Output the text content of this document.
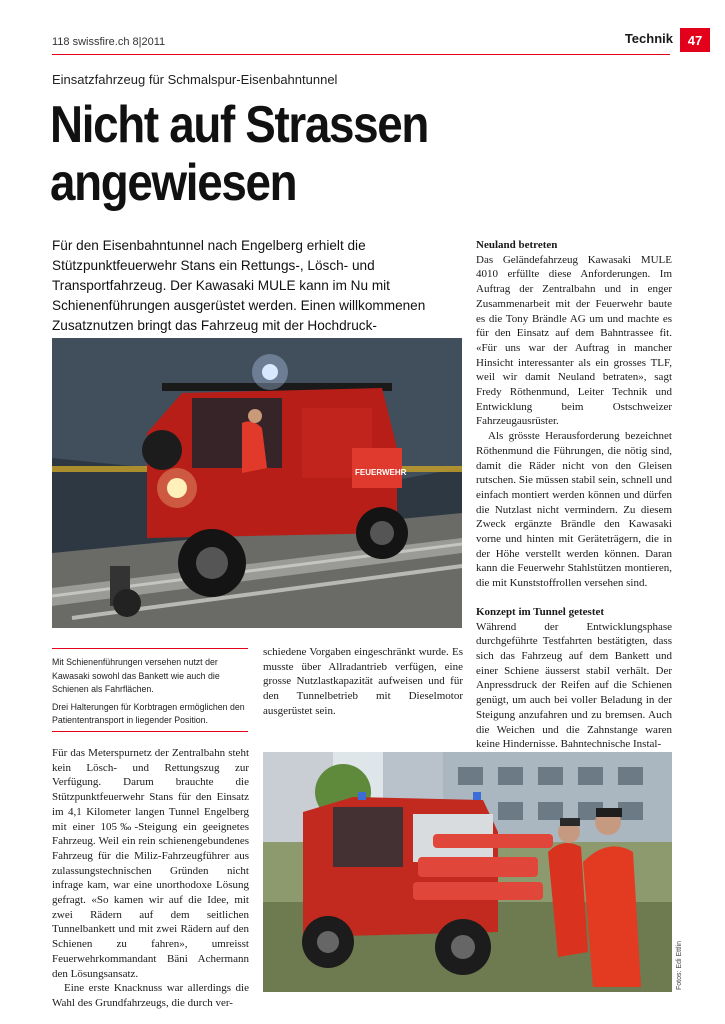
118 swissfire.ch 8|2011	Technik	47
Einsatzfahrzeug für Schmalspur-Eisenbahntunnel
Nicht auf Strassen
angewiesen
Für den Eisenbahntunnel nach Engelberg erhielt die Stützpunktfeuerwehr Stans ein Rettungs-, Lösch- und Transportfahrzeug. Der Kawasaki MULE kann im Nu mit Schienenführungen ausgerüstet werden. Einen willkommenen Zusatznutzen bringt das Fahrzeug mit der Hochdruck-
FEUERWEHR

Mit Schienenführungen versehen nutzt der Kawasaki sowohl das Bankett wie auch die Schienen als Fahrflächen.

Drei Halterungen für Korbtragen ermöglichen den Patiententransport in liegender Position.

Für das Meterspurnetz der Zentralbahn steht kein Lösch- und Rettungszug zur Verfügung. Darum brauchte die Stützpunktfeuerwehr Stans für den Einsatz im 4,1 Kilometer langen Tunnel Engelberg mit einer 105‰-Steigung ein geeignetes Fahrzeug. Weil ein rein schienengebundenes Fahrzeug für die Miliz-Fahrzeugführer aus zulassungstechnischen Gründen nicht infrage kam, war eine unorthodoxe Lösung gefragt. «So kamen wir auf die Idee, mit zwei Rädern auf dem seitlichen Tunnelbankett und mit zwei Rädern auf den Schienen zu fahren», umreisst Feuerwehrkommandant Bäni Achermann den Lösungsansatz.

Eine erste Knacknuss war allerdings die Wahl des Grundfahrzeugs, die durch ver-

schiedene Vorgaben eingeschränkt wurde. Es musste über Allradantrieb verfügen, eine grosse Nutzlastkapazität aufweisen und für den Tunnelbetrieb mit Dieselmotor ausgerüstet sein.

Neuland betreten

Das Geländefahrzeug Kawasaki MULE 4010 erfüllte diese Anforderungen. Im Auftrag der Zentralbahn und in enger Zusammenarbeit mit der Feuerwehr baute es die Tony Brändle AG um und machte es für den Einsatz auf dem Bahntrassee fit. «Für uns war der Auftrag in mancher Hinsicht interessanter als ein grosses TLF, weil wir damit Neuland betraten», sagt Fredy Röthenmund, Leiter Technik und Entwicklung beim Ostschweizer Fahrzeugausrüster.

Als grösste Herausforderung bezeichnet Röthenmund die Führungen, die nötig sind, damit die Räder nicht von den Gleisen rutschen. Sie müssen stabil sein, schnell und einfach montiert werden können und dürfen die Nutzlast nicht vermindern. Zu diesem Zweck ergänzte Brändle den Kawasaki vorne und hinten mit Geräteträgern, die in der Höhe verstellt werden können. Daran kann die Feuerwehr Stahlstützen montieren, die mit Kunststoffrollen versehen sind.

Konzept im Tunnel getestet

Während der Entwicklungsphase durchgeführte Testfahrten bestätigten, dass sich das Fahrzeug auf dem Bankett und einer Schiene äusserst stabil verhält. Der Anpressdruck der Reifen auf die Schienen genügt, um auch bei voller Beladung in der Steigung anzufahren und zu bremsen. Auch die Weichen und die Zahnstange waren keine Hindernisse. Bahntechnische Instal-

Fotos: Edi Ettlin
